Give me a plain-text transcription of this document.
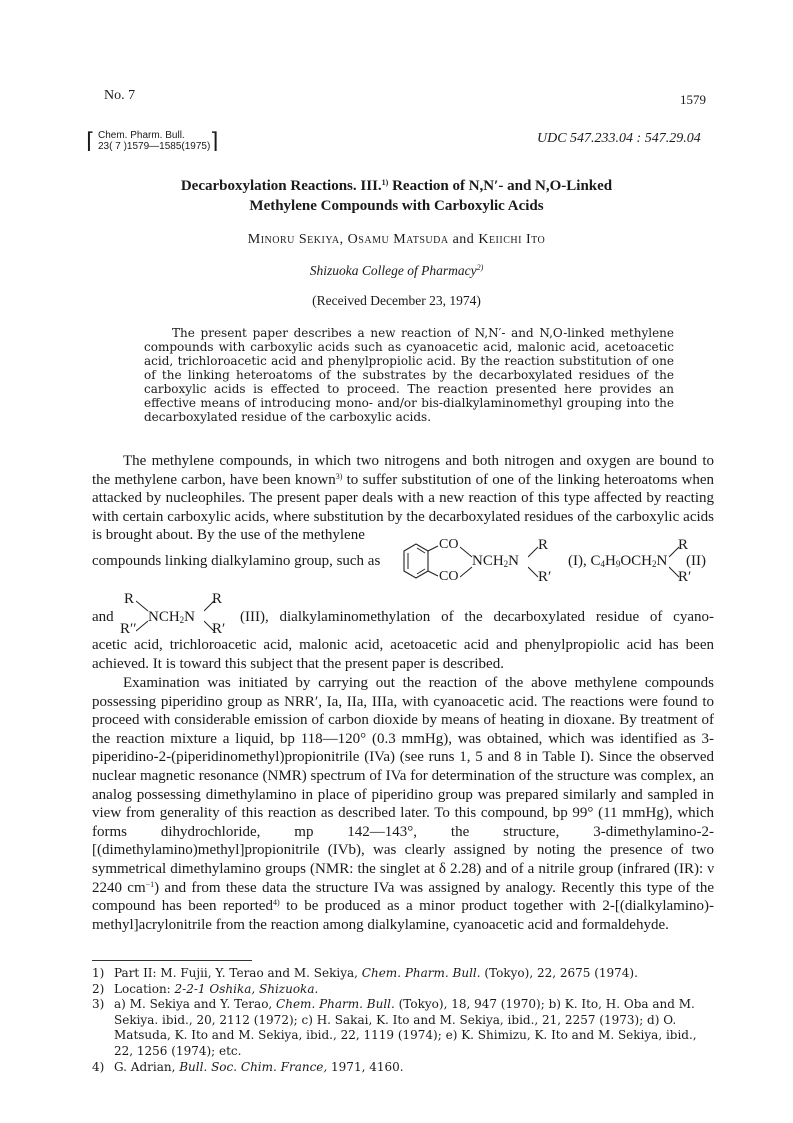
No. 7	1579
⌈ Chem. Pharm. Bull.
23( 7 )1579—1585(1975) ⌉	UDC 547.233.04 : 547.29.04
Decarboxylation Reactions. III.$^{1)}$ Reaction of N,N′- and N,O-Linked
Methylene Compounds with Carboxylic Acids
Minoru Sekiya, Osamu Matsuda and Keiichi Ito
Shizuoka College of Pharmacy$^{2)}$
(Received December 23, 1974)

The present paper describes a new reaction of N,N′- and N,O-linked methylene compounds with carboxylic acids such as cyanoacetic acid, malonic acid, acetoacetic acid, trichloroacetic acid and phenylpropiolic acid. By the reaction substitution of one of the linking heteroatoms of the substrates by the decarboxylated residues of the carboxylic acids is effected to proceed. The reaction presented here provides an effective means of introducing mono- and/or bis-dialkylaminomethyl grouping into the decarboxylated residue of the carboxylic acids.

The methylene compounds, in which two nitrogens and both nitrogen and oxygen are bound to the methylene carbon, have been known$^{3)}$ to suffer substitution of one of the linking heteroatoms when attacked by nucleophiles. The present paper deals with a new reaction of this type affected by reacting with certain carboxylic acids, where substitution by the decarboxylated residues of the carboxylic acids is brought about. By the use of the methylene

compounds linking dialkylamino group, such as
CO
CO
$NCH_2N$
R
R′
(I), $C_4H_9OCH_2N$
R
R′
(II)
and
R
R′′
$NCH_2N$
R
R′
(III), dialkylaminomethylation of the decarboxylated residue of cyano-

acetic acid, trichloroacetic acid, malonic acid, acetoacetic acid and phenylpropiolic acid has been achieved. It is toward this subject that the present paper is described.

Examination was initiated by carrying out the reaction of the above methylene compounds possessing piperidino group as NRR′, Ia, IIa, IIIa, with cyanoacetic acid. The reactions were found to proceed with considerable emission of carbon dioxide by means of heating in dioxane. By treatment of the reaction mixture a liquid, bp 118—120° (0.3 mmHg), was obtained, which was identified as 3-piperidino-2-(piperidinomethyl)propionitrile (IVa) (see runs 1, 5 and 8 in Table I). Since the observed nuclear magnetic resonance (NMR) spectrum of IVa for determination of the structure was complex, an analog possessing dimethylamino in place of piperidino group was prepared similarly and sampled in view from generality of this reaction as described later. To this compound, bp 99° (11 mmHg), which forms dihydrochloride, mp 142—143°, the structure, 3-dimethylamino-2-[(dimethylamino)methyl]propionitrile (IVb), was clearly assigned by noting the presence of two symmetrical dimethylamino groups (NMR: the singlet at δ 2.28) and of a nitrile group (infrared (IR): ν 2240 $cm^{-1}$) and from these data the structure IVa was assigned by analogy. Recently this type of the compound has been reported$^{4)}$ to be produced as a minor product together with 2-[(dialkylamino)-methyl]acrylonitrile from the reaction among dialkylamine, cyanoacetic acid and formaldehyde.

1) Part II: M. Fujii, Y. Terao and M. Sekiya, Chem. Pharm. Bull. (Tokyo), 22, 2675 (1974).
2) Location: 2-2-1 Oshika, Shizuoka.
3) a) M. Sekiya and Y. Terao, Chem. Pharm. Bull. (Tokyo), 18, 947 (1970); b) K. Ito, H. Oba and M. Sekiya. ibid., 20, 2112 (1972); c) H. Sakai, K. Ito and M. Sekiya, ibid., 21, 2257 (1973); d) O. Matsuda, K. Ito and M. Sekiya, ibid., 22, 1119 (1974); e) K. Shimizu, K. Ito and M. Sekiya, ibid., 22, 1256 (1974); etc.
4) G. Adrian, Bull. Soc. Chim. France, 1971, 4160.
